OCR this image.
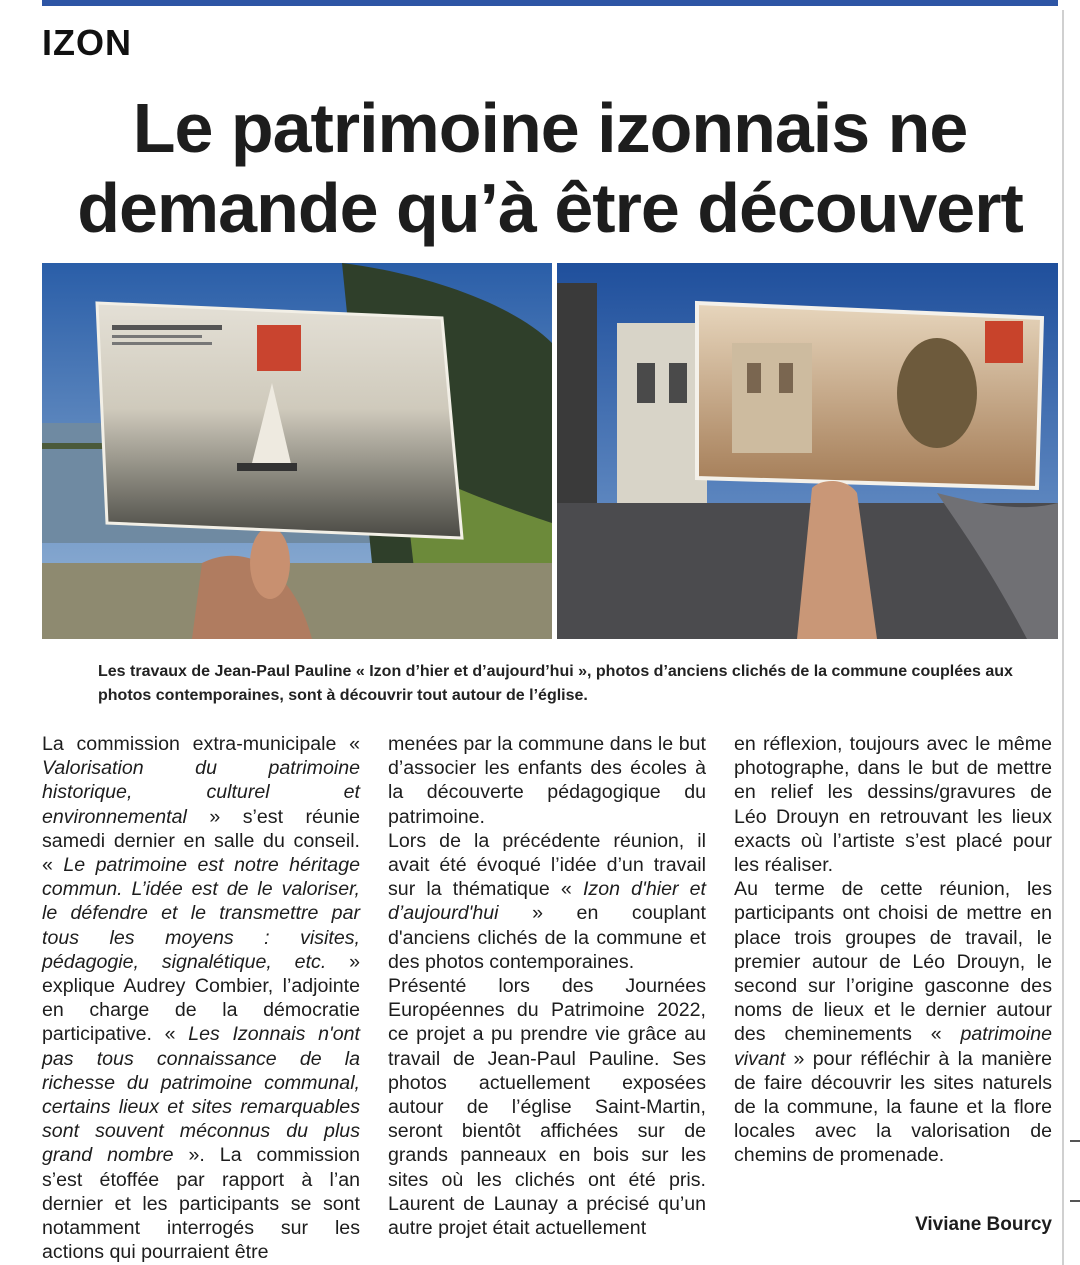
IZON
Le patrimoine izonnais ne demande qu’à être découvert

Les travaux de Jean-Paul Pauline « Izon d’hier et d’aujourd’hui », photos d’anciens clichés de la commune couplées aux photos contemporaines, sont à découvrir tout autour de l’église.

La commission extra-municipale « Valorisation du patrimoine historique, culturel et environnemental » s’est réunie samedi dernier en salle du conseil. « Le patrimoine est notre héritage commun. L’idée est de le valoriser, le défendre et le transmettre par tous les moyens : visites, pédagogie, signalétique, etc. » explique Audrey Combier, l’adjointe en charge de la démocratie participative. « Les Izonnais n'ont pas tous connaissance de la richesse du patrimoine communal, certains lieux et sites remarquables sont souvent méconnus du plus grand nombre ». La commission s’est étoffée par rapport à l’an dernier et les participants se sont notamment interrogés sur les actions qui pourraient être

menées par la commune dans le but d’associer les enfants des écoles à la découverte pédagogique du patrimoine.

Lors de la précédente réunion, il avait été évoqué l’idée d’un travail sur la thématique « Izon d'hier et d’aujourd'hui » en couplant d'anciens clichés de la commune et des photos contemporaines.

Présenté lors des Journées Européennes du Patrimoine 2022, ce projet a pu prendre vie grâce au travail de Jean-Paul Pauline. Ses photos actuellement exposées autour de l’église Saint-Martin, seront bientôt affichées sur de grands panneaux en bois sur les sites où les clichés ont été pris. Laurent de Launay a précisé qu’un autre projet était actuellement

en réflexion, toujours avec le même photographe, dans le but de mettre en relief les dessins/gravures de Léo Drouyn en retrouvant les lieux exacts où l’artiste s’est placé pour les réaliser.

Au terme de cette réunion, les participants ont choisi de mettre en place trois groupes de travail, le premier autour de Léo Drouyn, le second sur l’origine gasconne des noms de lieux et le dernier autour des cheminements « patrimoine vivant » pour réfléchir à la manière de faire découvrir les sites naturels de la commune, la faune et la flore locales avec la valorisation de chemins de promenade.

Viviane Bourcy
